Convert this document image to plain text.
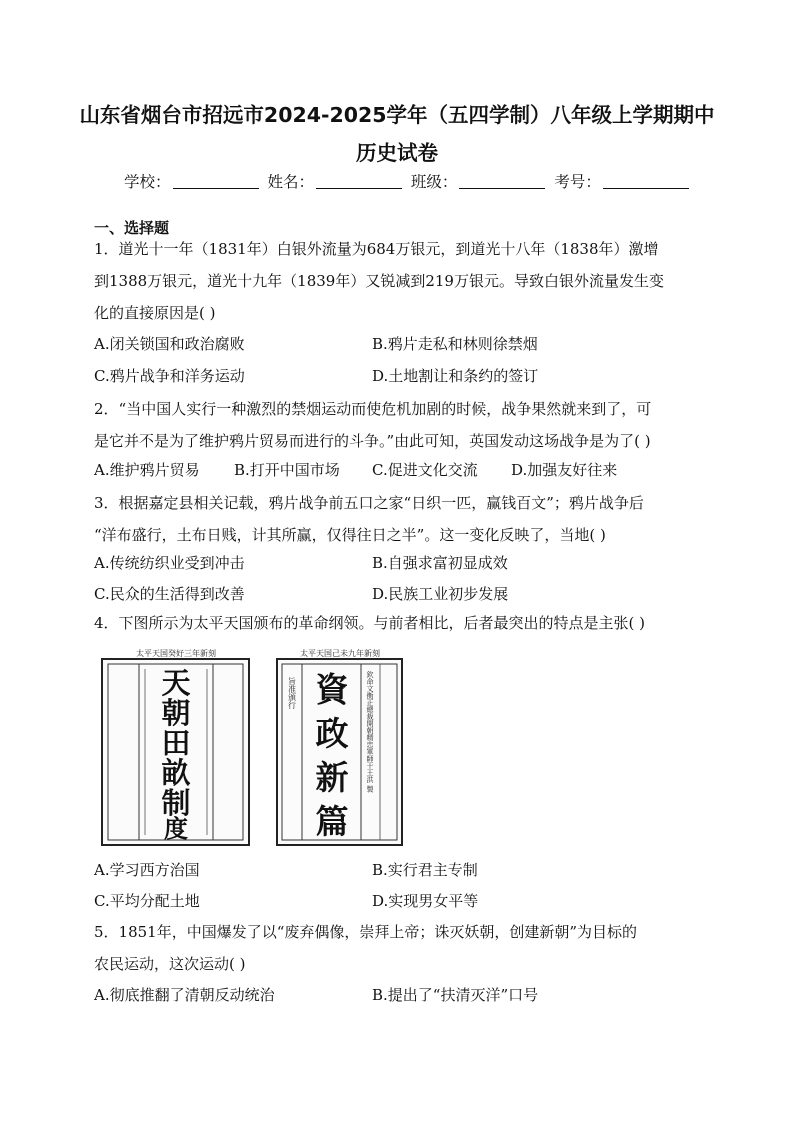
山东省烟台市招远市2024-2025学年（五四学制）八年级上学期期中
历史试卷
学校：	姓名：	班级：	考号：
一、选择题
1．道光十一年（1831年）白银外流量为684万银元，到道光十八年（1838年）激增
到1388万银元，道光十九年（1839年）又锐减到219万银元。导致白银外流量发生变
化的直接原因是( )
A.闭关锁国和政治腐败	B.鸦片走私和林则徐禁烟
C.鸦片战争和洋务运动	D.土地割让和条约的签订
2．“当中国人实行一种激烈的禁烟运动而使危机加剧的时候，战争果然就来到了，可
是它并不是为了维护鸦片贸易而进行的斗争。”由此可知，英国发动这场战争是为了( )
A.维护鸦片贸易 B.打开中国市场 C.促进文化交流 D.加强友好往来
3．根据嘉定县相关记载，鸦片战争前五口之家“日织一匹，赢钱百文”；鸦片战争后
“洋布盛行，土布日贱，计其所赢，仅得往日之半”。这一变化反映了，当地( )
A.传统纺织业受到冲击	B.自强求富初显成效
C.民众的生活得到改善	D.民族工业初步发展
4．下图所示为太平天国颁布的革命纲领。与前者相比，后者最突出的特点是主张( )
太平天国癸好三年新刻
天
朝
田
畝
制
度
太平天国己未九年新刻
旨准頒行 資
政
新
篇
欽命文衡正總裁開朝精忠軍師干王洪 製
A.学习西方治国	B.实行君主专制
C.平均分配土地	D.实现男女平等
5．1851年，中国爆发了以“废弃偶像，崇拜上帝；诛灭妖朝，创建新朝”为目标的
农民运动，这次运动( )
A.彻底推翻了清朝反动统治	B.提出了“扶清灭洋”口号
